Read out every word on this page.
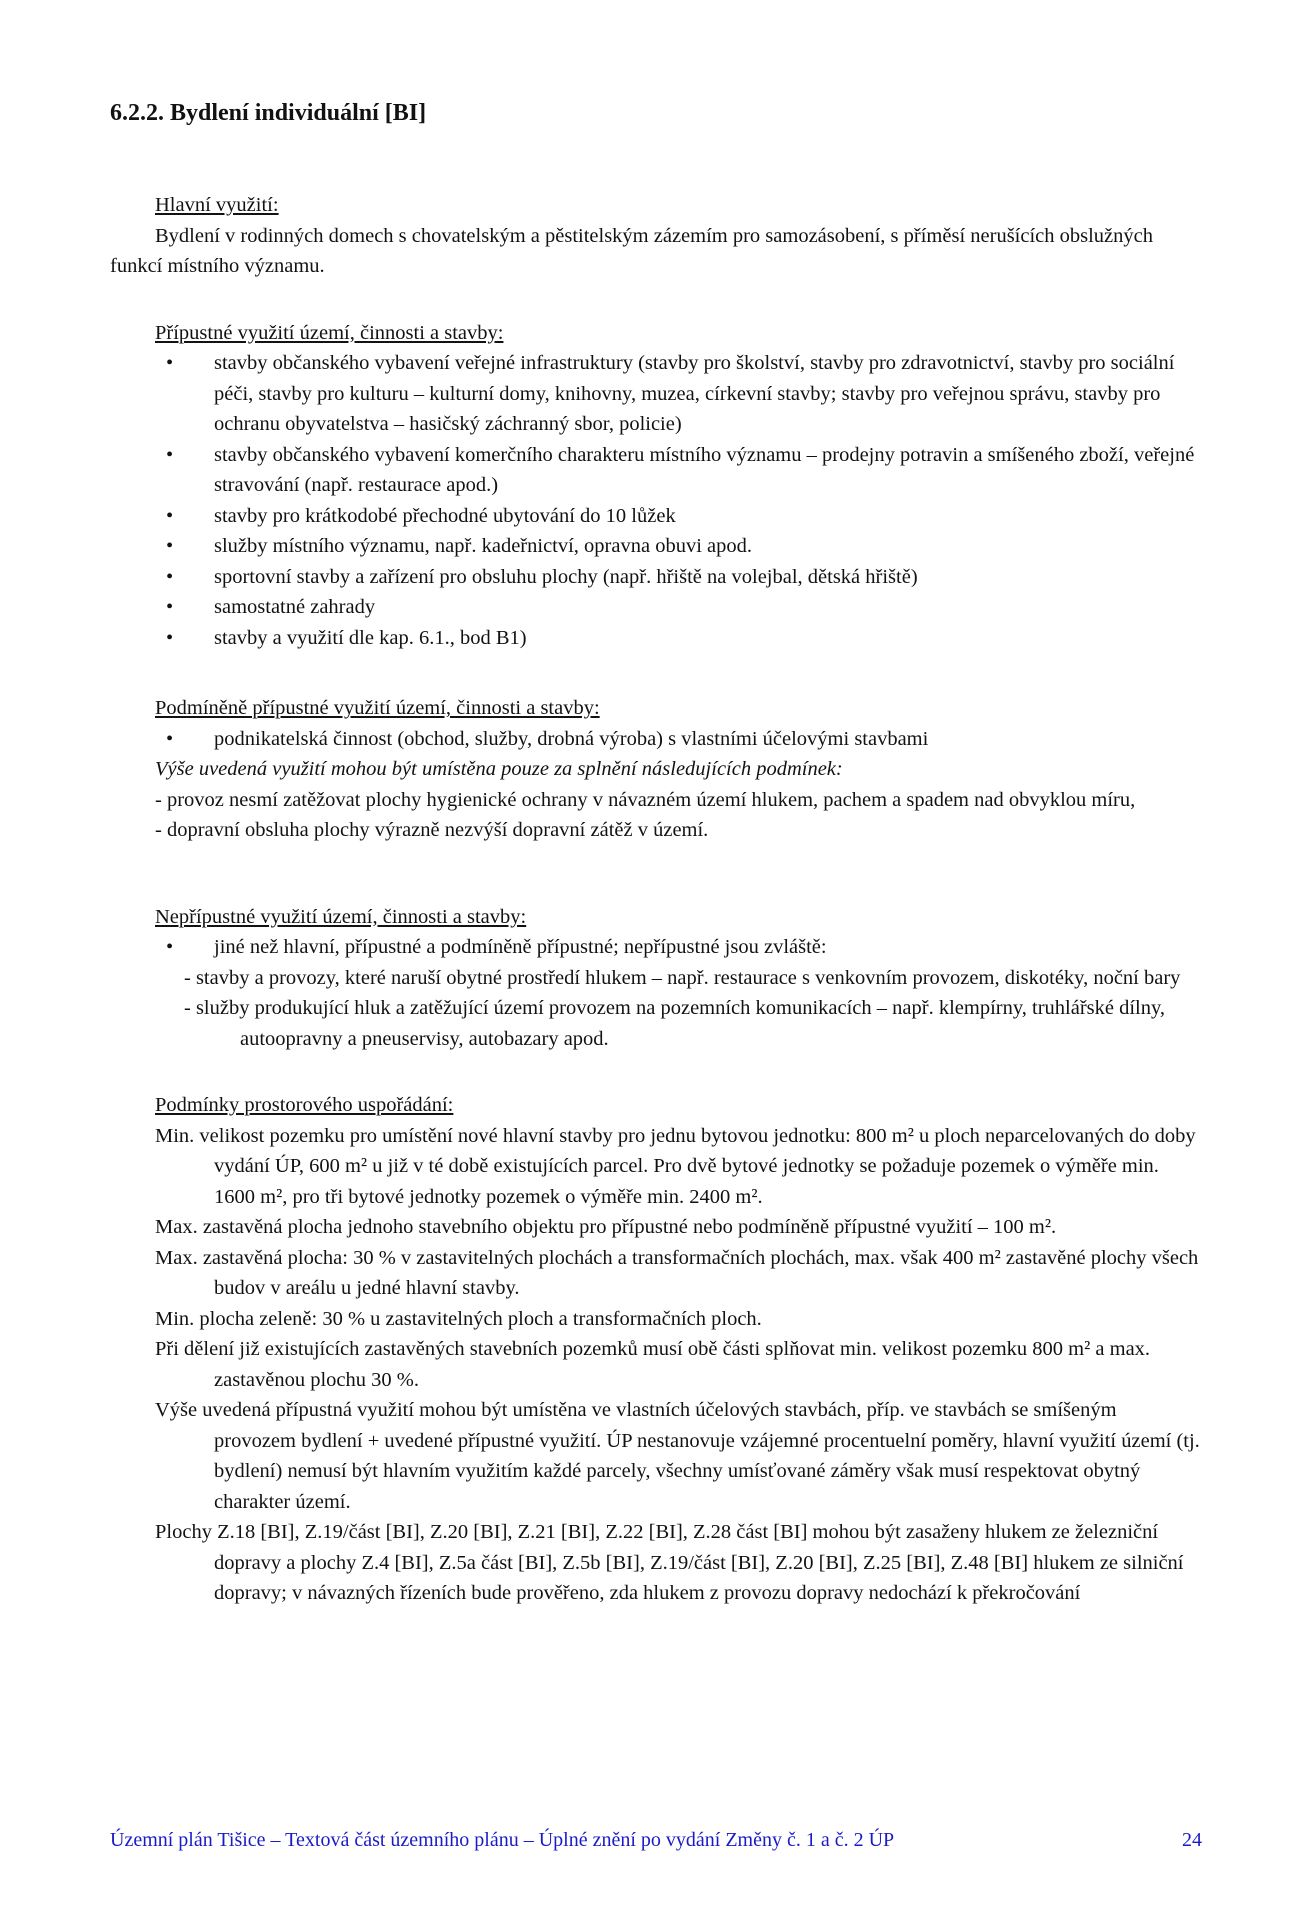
6.2.2. Bydlení individuální [BI]

Hlavní využití:

Bydlení v rodinných domech s chovatelským a pěstitelským zázemím pro samozásobení, s příměsí nerušících obslužných funkcí místního významu.

Přípustné využití území, činnosti a stavby:

• stavby občanského vybavení veřejné infrastruktury (stavby pro školství, stavby pro zdravotnictví, stavby pro sociální péči, stavby pro kulturu – kulturní domy, knihovny, muzea, církevní stavby; stavby pro veřejnou správu, stavby pro ochranu obyvatelstva – hasičský záchranný sbor, policie)
• stavby občanského vybavení komerčního charakteru místního významu – prodejny potravin a smíšeného zboží, veřejné stravování (např. restaurace apod.)
• stavby pro krátkodobé přechodné ubytování do 10 lůžek
• služby místního významu, např. kadeřnictví, opravna obuvi apod.
• sportovní stavby a zařízení pro obsluhu plochy (např. hřiště na volejbal, dětská hřiště)
• samostatné zahrady
• stavby a využití dle kap. 6.1., bod B1)

Podmíněně přípustné využití území, činnosti a stavby:

• podnikatelská činnost (obchod, služby, drobná výroba) s vlastními účelovými stavbami

Výše uvedená využití mohou být umístěna pouze za splnění následujících podmínek:

- provoz nesmí zatěžovat plochy hygienické ochrany v návazném území hlukem, pachem a spadem nad obvyklou míru,

- dopravní obsluha plochy výrazně nezvýší dopravní zátěž v území.

Nepřípustné využití území, činnosti a stavby:

• jiné než hlavní, přípustné a podmíněně přípustné; nepřípustné jsou zvláště:

- stavby a provozy, které naruší obytné prostředí hlukem – např. restaurace s venkovním provozem, diskotéky, noční bary

- služby produkující hluk a zatěžující území provozem na pozemních komunikacích – např. klempírny, truhlářské dílny, autoopravny a pneuservisy, autobazary apod.

Podmínky prostorového uspořádání:

Min. velikost pozemku pro umístění nové hlavní stavby pro jednu bytovou jednotku: 800 m² u ploch neparcelovaných do doby vydání ÚP, 600 m² u již v té době existujících parcel. Pro dvě bytové jednotky se požaduje pozemek o výměře min. 1600 m², pro tři bytové jednotky pozemek o výměře min. 2400 m².

Max. zastavěná plocha jednoho stavebního objektu pro přípustné nebo podmíněně přípustné využití – 100 m².

Max. zastavěná plocha: 30 % v zastavitelných plochách a transformačních plochách, max. však 400 m² zastavěné plochy všech budov v areálu u jedné hlavní stavby.

Min. plocha zeleně: 30 % u zastavitelných ploch a transformačních ploch.

Při dělení již existujících zastavěných stavebních pozemků musí obě části splňovat min. velikost pozemku 800 m² a max. zastavěnou plochu 30 %.

Výše uvedená přípustná využití mohou být umístěna ve vlastních účelových stavbách, příp. ve stavbách se smíšeným provozem bydlení + uvedené přípustné využití. ÚP nestanovuje vzájemné procentuelní poměry, hlavní využití území (tj. bydlení) nemusí být hlavním využitím každé parcely, všechny umísťované záměry však musí respektovat obytný charakter území.

Plochy Z.18 [BI], Z.19/část [BI], Z.20 [BI], Z.21 [BI], Z.22 [BI], Z.28 část [BI] mohou být zasaženy hlukem ze železniční dopravy a plochy Z.4 [BI], Z.5a část [BI], Z.5b [BI], Z.19/část [BI], Z.20 [BI], Z.25 [BI], Z.48 [BI] hlukem ze silniční dopravy; v návazných řízeních bude prověřeno, zda hlukem z provozu dopravy nedochází k překročování

Územní plán Tišice – Textová část územního plánu – Úplné znění po vydání Změny č. 1 a č. 2 ÚP	24
